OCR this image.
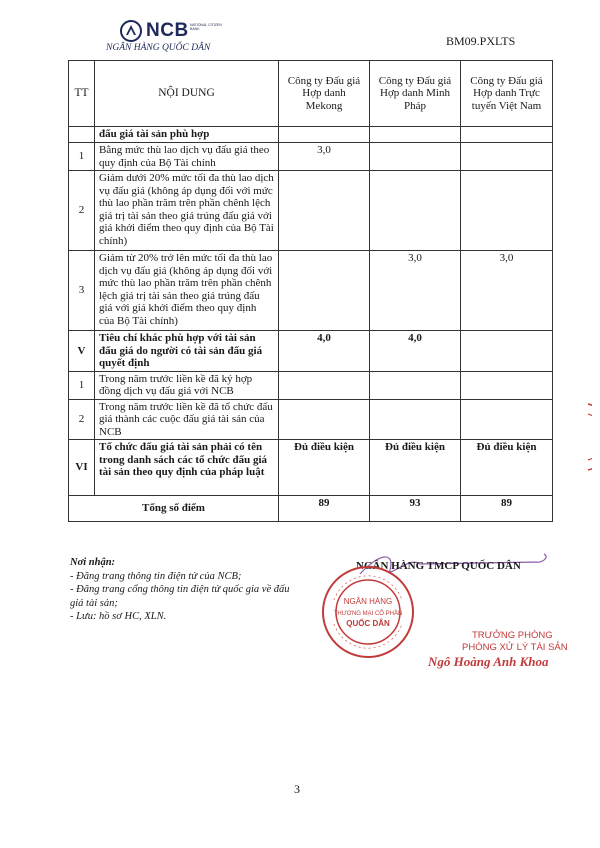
NCB NATIONAL CITIZEN BANK
NGÂN HÀNG QUỐC DÂN	BM09.PXLTS
TT	NỘI DUNG	Công ty Đấu giá Hợp danh Mekong	Công ty Đấu giá Hợp danh Minh Pháp	Công ty Đấu giá Hợp danh Trực tuyến Việt Nam
	đấu giá tài sản phù hợp			
1	Bằng mức thù lao dịch vụ đấu giá theo quy định của Bộ Tài chính	3,0		
2	Giảm dưới 20% mức tối đa thù lao dịch vụ đấu giá (không áp dụng đối với mức thù lao phần trăm trên phần chênh lệch giá trị tài sản theo giá trúng đấu giá với giá khởi điểm theo quy định của Bộ Tài chính)			
3	Giảm từ 20% trở lên mức tối đa thù lao dịch vụ đấu giá (không áp dụng đối với mức thù lao phần trăm trên phần chênh lệch giá trị tài sản theo giá trúng đấu giá với giá khởi điểm theo quy định của Bộ Tài chính)		3,0	3,0
V	Tiêu chí khác phù hợp với tài sản đấu giá do người có tài sản đấu giá quyết định	4,0	4,0	
1	Trong năm trước liền kề đã ký hợp đồng dịch vụ đấu giá với NCB			
2	Trong năm trước liền kề đã tổ chức đấu giá thành các cuộc đấu giá tài sản của NCB			
VI	Tổ chức đấu giá tài sản phải có tên trong danh sách các tổ chức đấu giá tài sản theo quy định của pháp luật	Đủ điều kiện	Đủ điều kiện	Đủ điều kiện
Tổng số điểm		89	93	89
Nơi nhận:
- Đăng trang thông tin điện tử của NCB;
- Đăng trang cổng thông tin điện tử quốc gia về đấu giá tài sản;
- Lưu: hồ sơ HC, XLN.
NGÂN HÀNG TMCP QUỐC DÂN
NGÂN HÀNG
THƯƠNG MẠI CỔ PHẦN
QUỐC DÂN
TRƯỞNG PHÒNG
PHÒNG XỬ LÝ TÀI SẢN
Ngô Hoàng Anh Khoa
3
